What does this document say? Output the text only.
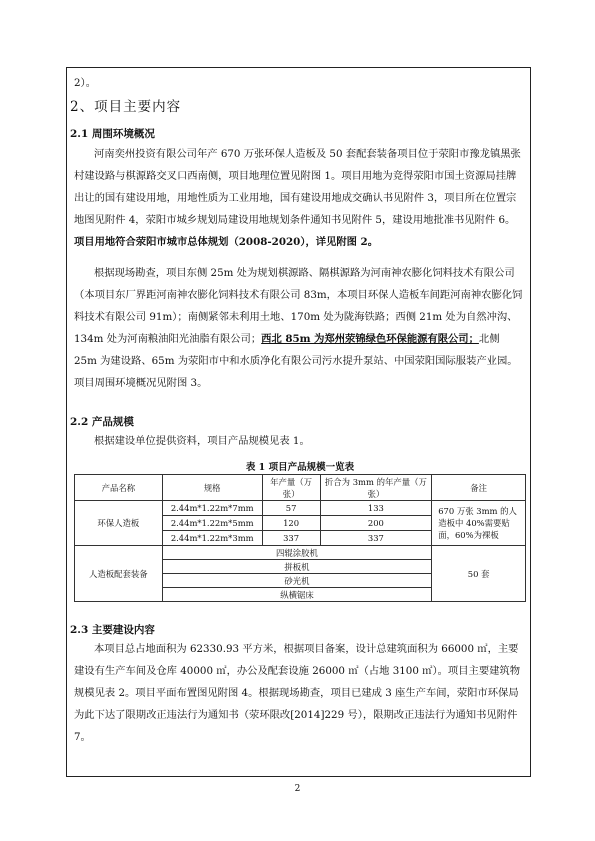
2）。
2、项目主要内容
2.1 周围环境概况
河南奕州投资有限公司年产 670 万张环保人造板及 50 套配套装备项目位于荥阳市豫龙镇黑张村建设路与棋源路交叉口西南侧，项目地理位置见附图 1。项目用地为竞得荥阳市国土资源局挂牌出让的国有建设用地，用地性质为工业用地，国有建设用地成交确认书见附件 3，项目所在位置宗地图见附件 4，荥阳市城乡规划局建设用地规划条件通知书见附件 5，建设用地批准书见附件 6。项目用地符合荥阳市城市总体规划（2008-2020），详见附图 2。
根据现场勘查，项目东侧 25m 处为规划棋源路、隔棋源路为河南神农膨化饲料技术有限公司（本项目东厂界距河南神农膨化饲料技术有限公司 83m，本项目环保人造板车间距河南神农膨化饲料技术有限公司 91m）；南侧紧邻未利用土地、170m 处为陇海铁路；西侧 21m 处为自然冲沟、134m 处为河南粮油阳光油脂有限公司；西北 85m 为郑州荥锦绿色环保能源有限公司；北侧 25m 为建设路、65m 为荥阳市中和水质净化有限公司污水提升泵站、中国荥阳国际服装产业园。项目周围环境概况见附图 3。
2.2 产品规模
根据建设单位提供资料，项目产品规模见表 1。
表 1 项目产品规模一览表
产品名称	规格	年产量（万张）	折合为 3mm 的年产量（万张）	备注
环保人造板	2.44m*1.22m*7mm	57	133	670 万张 3mm 的人造板中 40%需要贴面，60%为裸板
	2.44m*1.22m*5mm	120	200	
	2.44m*1.22m*3mm	337	337	
人造板配套装备	四辊涂胶机			50 套
	拼板机			
	砂光机			
	纵横锯床			
2.3 主要建设内容
本项目总占地面积为 62330.93 平方米，根据项目备案，设计总建筑面积为 66000 ㎡，主要建设有生产车间及仓库 40000 ㎡，办公及配套设施 26000 ㎡（占地 3100 ㎡）。项目主要建筑物规模见表 2。项目平面布置图见附图 4。根据现场勘查，项目已建成 3 座生产车间，荥阳市环保局为此下达了限期改正违法行为通知书（荥环限改[2014]229 号），限期改正违法行为通知书见附件 7。
2
